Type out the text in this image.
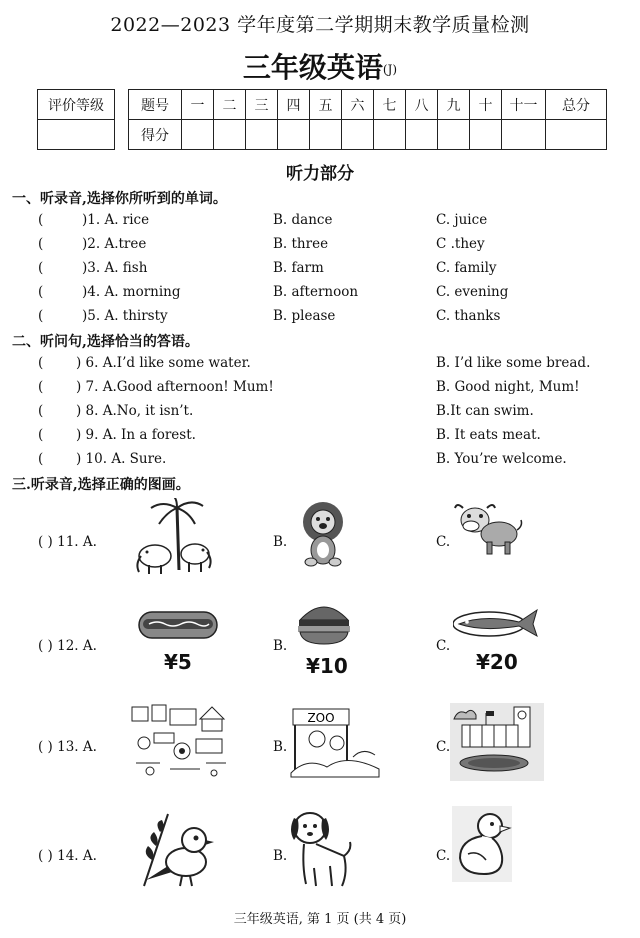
2022—2023 学年度第二学期期末教学质量检测
三年级英语(J)
评价等级	题号	一	二	三	四	五	六	七	八	九	十	十一	总分
得分												
听力部分
一、听录音,选择你所听到的单词。
(	)1. A. rice	B. dance	C. juice
(	)2. A.tree	B. three	C .they
(	)3. A. fish	B. farm	C. family
(	)4. A. morning	B. afternoon	C. evening
(	)5. A. thirsty	B. please	C. thanks
二、听问句,选择恰当的答语。
( ) 6. A.I’d like some water.	B. I’d like some bread.
( ) 7. A.Good afternoon! Mum!	B. Good night, Mum!
( ) 8. A.No, it isn’t.	B.It can swim.
( ) 9. A. In a forest.	B. It eats meat.
( ) 10. A. Sure.	B. You’re welcome.
三.听录音,选择正确的图画。
( ) 11. A.	B.	C.
( ) 12. A.
¥5
B.
¥10
C.
¥20
( ) 13. A.	B.
ZOO
C.
( ) 14. A.	B.	C.
三年级英语, 第 1 页 (共 4 页)
